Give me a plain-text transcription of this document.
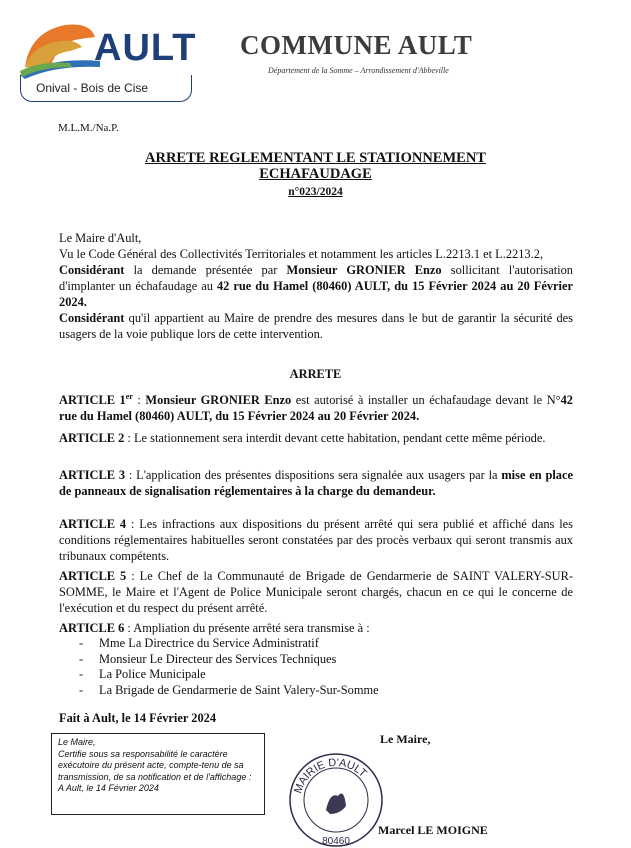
AULT
Onival - Bois de Cise
COMMUNE AULT
Département de la Somme – Arrondissement d'Abbeville
M.L.M./Na.P.
ARRETE REGLEMENTANT LE STATIONNEMENT
ECHAFAUDAGE
n°023/2024
Le Maire d'Ault,
Vu le Code Général des Collectivités Territoriales et notamment les articles L.2213.1 et L.2213.2,
Considérant la demande présentée par Monsieur GRONIER Enzo sollicitant l'autorisation d'implanter un échafaudage au 42 rue du Hamel (80460) AULT, du 15 Février 2024 au 20 Février 2024.
Considérant qu'il appartient au Maire de prendre des mesures dans le but de garantir la sécurité des usagers de la voie publique lors de cette intervention.
ARRETE
ARTICLE 1er : Monsieur GRONIER Enzo est autorisé à installer un échafaudage devant le N°42 rue du Hamel (80460) AULT, du 15 Février 2024 au 20 Février 2024.
ARTICLE 2 : Le stationnement sera interdit devant cette habitation, pendant cette même période.
ARTICLE 3 : L'application des présentes dispositions sera signalée aux usagers par la mise en place de panneaux de signalisation réglementaires à la charge du demandeur.
ARTICLE 4 : Les infractions aux dispositions du présent arrêté qui sera publié et affiché dans les conditions réglementaires habituelles seront constatées par des procès verbaux qui seront transmis aux tribunaux compétents.
ARTICLE 5 : Le Chef de la Communauté de Brigade de Gendarmerie de SAINT VALERY-SUR-SOMME, le Maire et l'Agent de Police Municipale seront chargés, chacun en ce qui le concerne de l'exécution et du respect du présent arrêté.
ARTICLE 6 : Ampliation du présente arrêté sera transmise à :
- Mme La Directrice du Service Administratif
- Monsieur Le Directeur des Services Techniques
- La Police Municipale
- La Brigade de Gendarmerie de Saint Valery-Sur-Somme
Fait à Ault, le 14 Février 2024
Le Maire,
Certifie sous sa responsabilité le caractère exécutoire du présent acte, compte-tenu de sa transmission, de sa notification et de l'affichage :
A Ault, le 14 Février 2024
Le Maire,
MAIRIE D'AULT
80460
Marcel LE MOIGNE
